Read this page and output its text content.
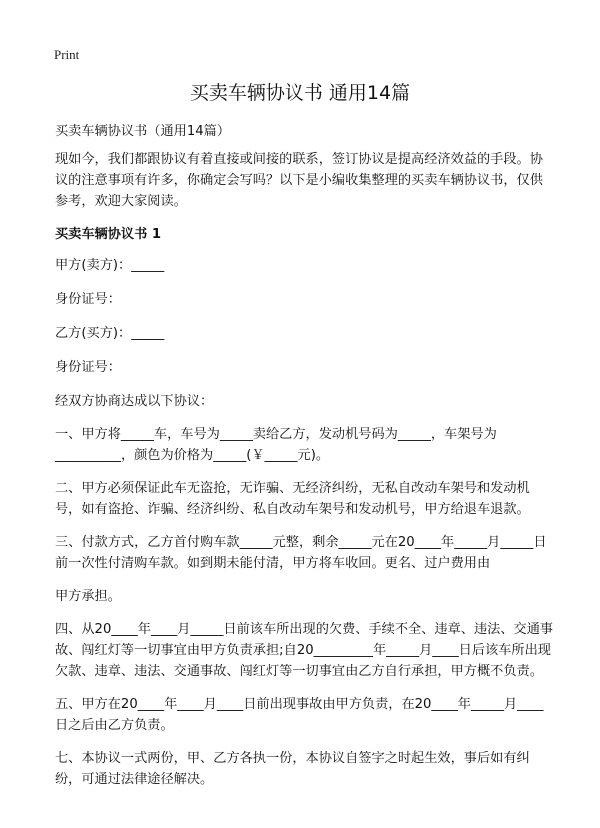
Print
买卖车辆协议书 通用14篇

买卖车辆协议书（通用14篇）

现如今，我们都跟协议有着直接或间接的联系，签订协议是提高经济效益的手段。协议的注意事项有许多，你确定会写吗？以下是小编收集整理的买卖车辆协议书，仅供参考，欢迎大家阅读。

买卖车辆协议书 1

甲方(卖方)：_____

身份证号：

乙方(买方)：_____

身份证号：

经双方协商达成以下协议：

一、甲方将_____车，车号为_____卖给乙方，发动机号码为_____，车架号为__________，颜色为价格为_____(￥_____元)。

二、甲方必须保证此车无盗抢，无诈骗、无经济纠纷，无私自改动车架号和发动机号，如有盗抢、诈骗、经济纠纷、私自改动车架号和发动机号，甲方给退车退款。

三、付款方式，乙方首付购车款_____元整，剩余_____元在20____年_____月_____日前一次性付清购车款。如到期未能付清，甲方将车收回。更名、过户费用由

甲方承担。

四、从20____年____月_____日前该车所出现的欠费、手续不全、违章、违法、交通事故、闯红灯等一切事宜由甲方负责承担;自20_________年_____月____日后该车所出现欠款、违章、违法、交通事故、闯红灯等一切事宜由乙方自行承担，甲方概不负责。

五、甲方在20____年____月____日前出现事故由甲方负责，在20____年_____月____日之后由乙方负责。

七、本协议一式两份，甲、乙方各执一份，本协议自签字之时起生效，事后如有纠纷，可通过法律途径解决。
